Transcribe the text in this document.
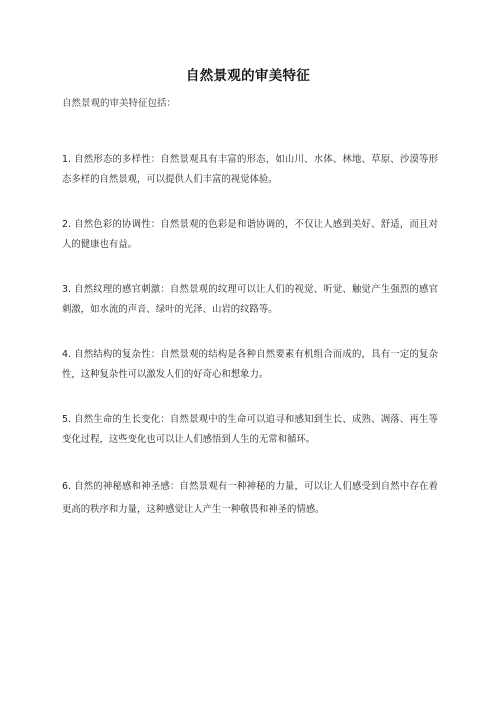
自然景观的审美特征
自然景观的审美特征包括：

1. 自然形态的多样性：自然景观具有丰富的形态，如山川、水体、林地、草原、沙漠等形态多样的自然景观，可以提供人们丰富的视觉体验。

2. 自然色彩的协调性：自然景观的色彩是和谐协调的，不仅让人感到美好、舒适，而且对人的健康也有益。

3. 自然纹理的感官刺激：自然景观的纹理可以让人们的视觉、听觉、触觉产生强烈的感官刺激，如水流的声音、绿叶的光泽、山岩的纹路等。

4. 自然结构的复杂性：自然景观的结构是各种自然要素有机组合而成的，具有一定的复杂性，这种复杂性可以激发人们的好奇心和想象力。

5. 自然生命的生长变化：自然景观中的生命可以追寻和感知到生长、成熟、凋落、再生等变化过程，这些变化也可以让人们感悟到人生的无常和循环。

6. 自然的神秘感和神圣感：自然景观有一种神秘的力量，可以让人们感受到自然中存在着更高的秩序和力量，这种感觉让人产生一种敬畏和神圣的情感。
